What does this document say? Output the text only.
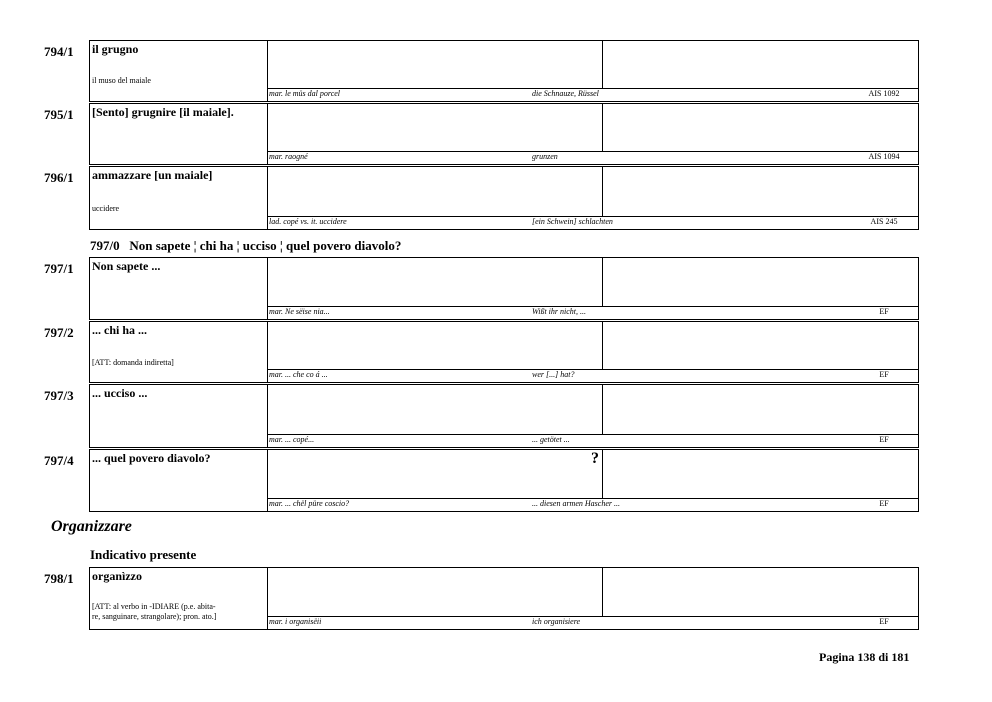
794/1	il grugno
il muso del maiale
mar. le müs dal porcel	die Schnauze, Rüssel	AIS 1092
795/1	[Sento] grugnire [il maiale].
mar. raogné	grunzen	AIS 1094
796/1	ammazzare [un maiale]
uccidere
lad. copé vs. it. uccidere	[ein Schwein] schlachten	AIS 245
797/0 Non sapete ¦ chi ha ¦ ucciso ¦ quel povero diavolo?
797/1	Non sapete ...
mar. Ne sëise nia...	Wißt ihr nicht, ...	EF
797/2	... chi ha ...
[ATT: domanda indiretta]
mar. ... che co á ...	wer [...] hat?	EF
797/3	... ucciso ...
mar. ... copé...	... getötet ...	EF
797/4	... quel povero diavolo?	?
mar. ... chël püre coscio?	... diesen armen Hascher ...	EF
Organizzare
Indicativo presente
798/1	organìzzo
[ATT: al verbo in -IDIARE (p.e. abita-
re, sanguinare, strangolare); pron. ato.]
mar. i organisëii	ich organisiere	EF
Pagina 138 di 181
